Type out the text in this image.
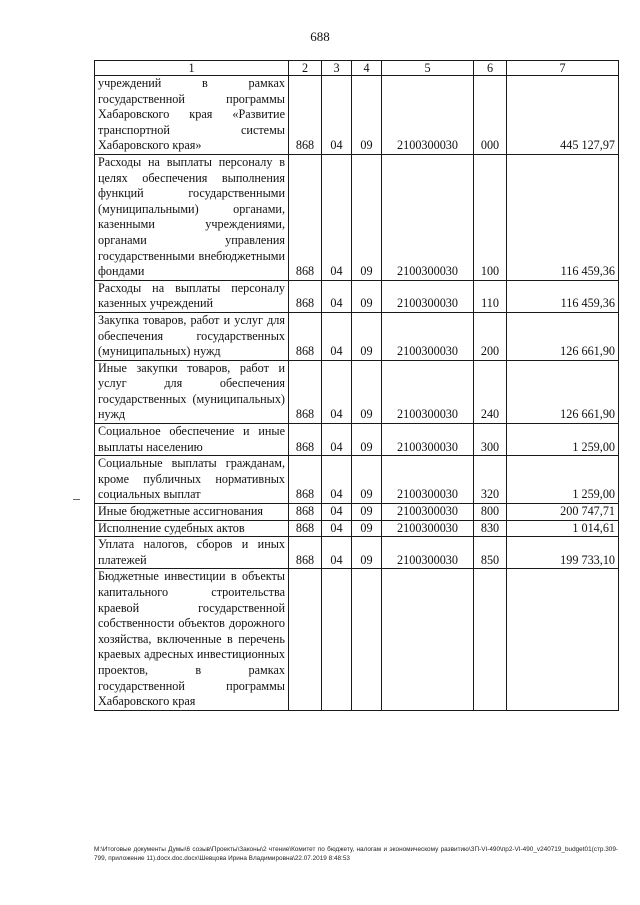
688
1	2	3	4	5	6	7
учреждений в рамках государственной программы Хабаровского края «Развитие транспортной системы Хабаровского края»	868	04	09	2100300030	000	445 127,97
Расходы на выплаты персоналу в целях обеспечения выполнения функций государственными (муниципальными) органами, казенными учреждениями, органами управления государственными внебюджетными фондами	868	04	09	2100300030	100	116 459,36
Расходы на выплаты персоналу казенных учреждений	868	04	09	2100300030	110	116 459,36
Закупка товаров, работ и услуг для обеспечения государственных (муниципальных) нужд	868	04	09	2100300030	200	126 661,90
Иные закупки товаров, работ и услуг для обеспечения государственных (муниципальных) нужд	868	04	09	2100300030	240	126 661,90
Социальное обеспечение и иные выплаты населению	868	04	09	2100300030	300	1 259,00
Социальные выплаты гражданам, кроме публичных нормативных социальных выплат	868	04	09	2100300030	320	1 259,00
Иные бюджетные ассигнования	868	04	09	2100300030	800	200 747,71
Исполнение судебных актов	868	04	09	2100300030	830	1 014,61
Уплата налогов, сборов и иных платежей	868	04	09	2100300030	850	199 733,10
Бюджетные инвестиции в объекты капитального строительства краевой государственной собственности объектов дорожного хозяйства, включенные в перечень краевых адресных инвестиционных проектов, в рамках государственной программы Хабаровского края						
M:\Итоговые документы Думы\6 созыв\Проекты\Законы\2 чтение\Комитет по бюджету, налогам и экономическому развитию\ЗП-VI-490\пр2-VI-490_v240719_budget01(стр.309-799, приложение 11).docx.doc.docx\Шевцова Ирина Владимировна\22.07.2019 8:48:53
